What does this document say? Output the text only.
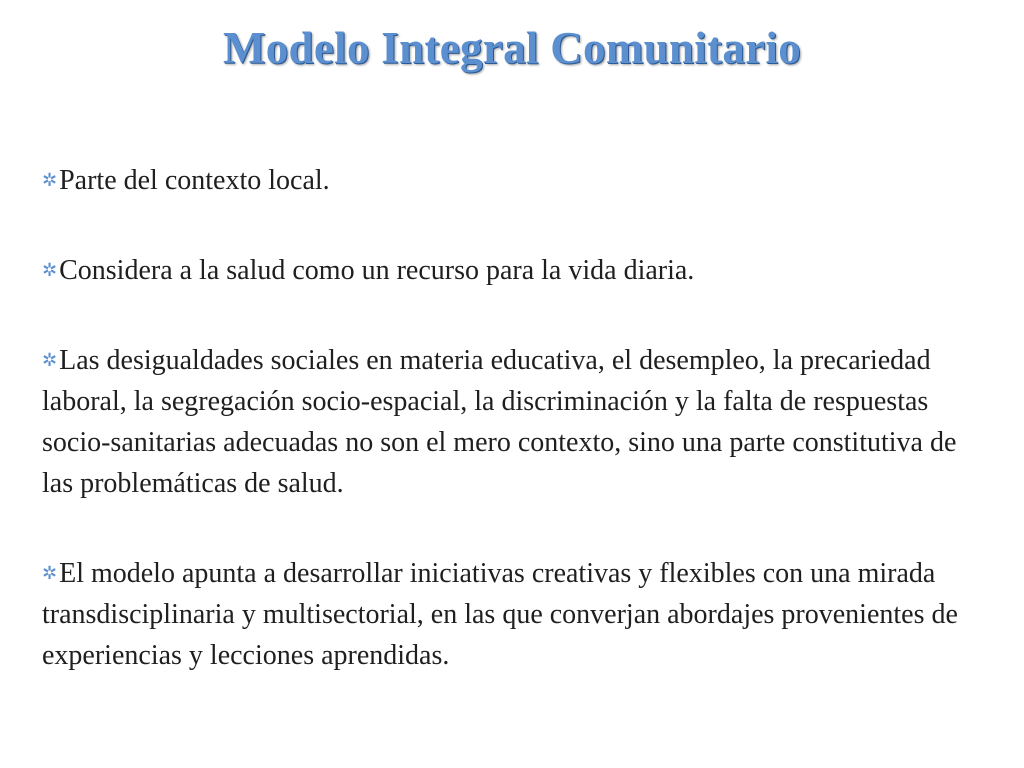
Modelo Integral Comunitario
✲Parte del contexto local.
✲Considera a la salud como un recurso para la vida diaria.
✲Las desigualdades sociales en materia educativa, el desempleo, la precariedad laboral, la segregación socio-espacial, la discriminación y la falta de respuestas socio-sanitarias adecuadas no son el mero contexto, sino una parte constitutiva de las problemáticas de salud.
✲El modelo apunta a desarrollar iniciativas creativas y flexibles con una mirada transdisciplinaria y multisectorial, en las que converjan abordajes provenientes de experiencias y lecciones aprendidas.
